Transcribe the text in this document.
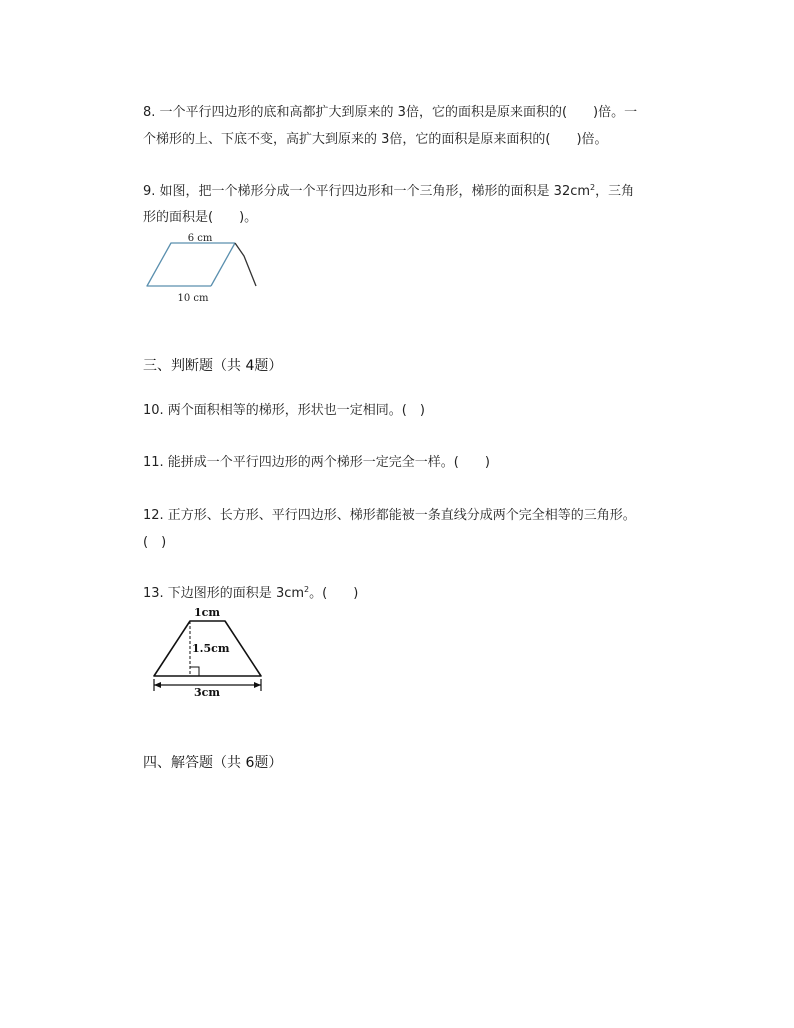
8. 一个平行四边形的底和高都扩大到原来的 3倍，它的面积是原来面积的(　　)倍。一
个梯形的上、下底不变，高扩大到原来的 3倍，它的面积是原来面积的(　　)倍。
9. 如图，把一个梯形分成一个平行四边形和一个三角形，梯形的面积是 $32cm^2$，三角
形的面积是(　　)。
6 cm
10 cm
三、判断题（共 4题）
10. 两个面积相等的梯形，形状也一定相同。(　)
11. 能拼成一个平行四边形的两个梯形一定完全一样。(　　)
12. 正方形、长方形、平行四边形、梯形都能被一条直线分成两个完全相等的三角形。
(　)
13. 下边图形的面积是 $3cm^2$。(　　)
1cm
1.5cm
3cm
四、解答题（共 6题）
